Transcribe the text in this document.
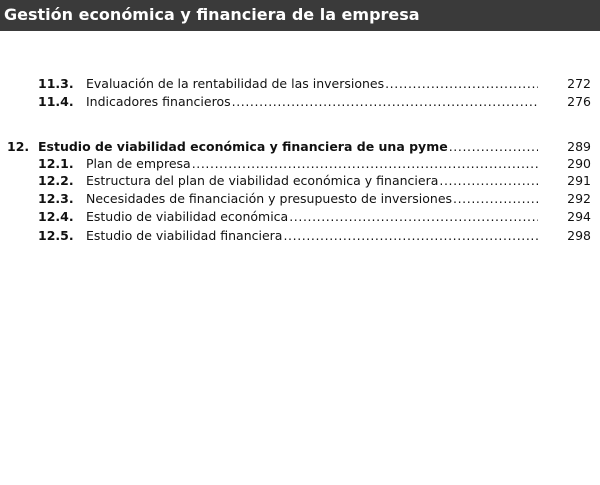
Gestión económica y financiera de la empresa
11.3. Evaluación de la rentabilidad de las inversiones .....	272
11.4. Indicadores financieros .....	276
12. Estudio de viabilidad económica y financiera de una pyme .....	289
12.1. Plan de empresa .....	290
12.2. Estructura del plan de viabilidad económica y financiera .....	291
12.3. Necesidades de financiación y presupuesto de inversiones .....	292
12.4. Estudio de viabilidad económica .....	294
12.5. Estudio de viabilidad financiera .....	298
